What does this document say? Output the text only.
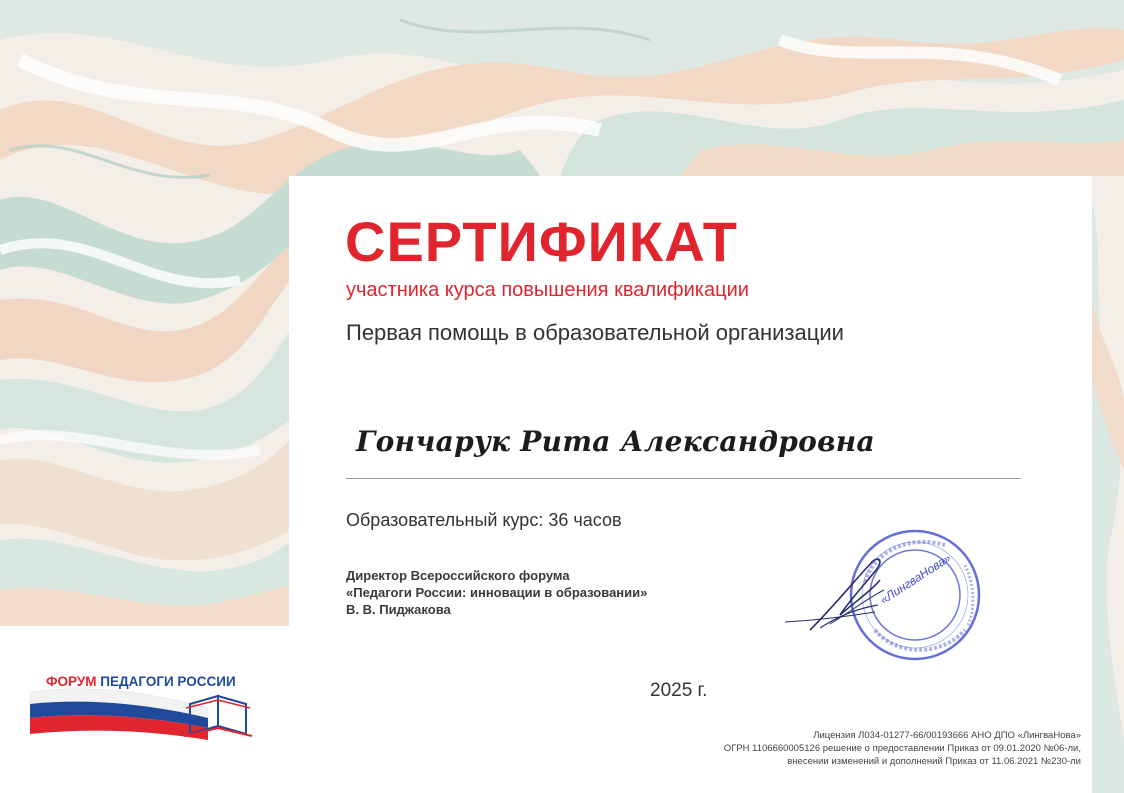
СЕРТИФИКАТ
участника курса повышения квалификации
Первая помощь в образовательной организации
Гончарук Рита Александровна
Образовательный курс: 36 часов
Директор Всероссийского форума
«Педагоги России: инновации в образовании»
В. В. Пиджакова
«ЛингваНова»
2025 г.
Лицензия Л034-01277-66/00193666 АНО ДПО «ЛингваНова»
ОГРН 1106660005126 решение о предоставлении Приказ от 09.01.2020 №06-ли,
внесении изменений и дополнений Приказ от 11.06.2021 №230-ли
ФОРУМ ПЕДАГОГИ РОССИИ
